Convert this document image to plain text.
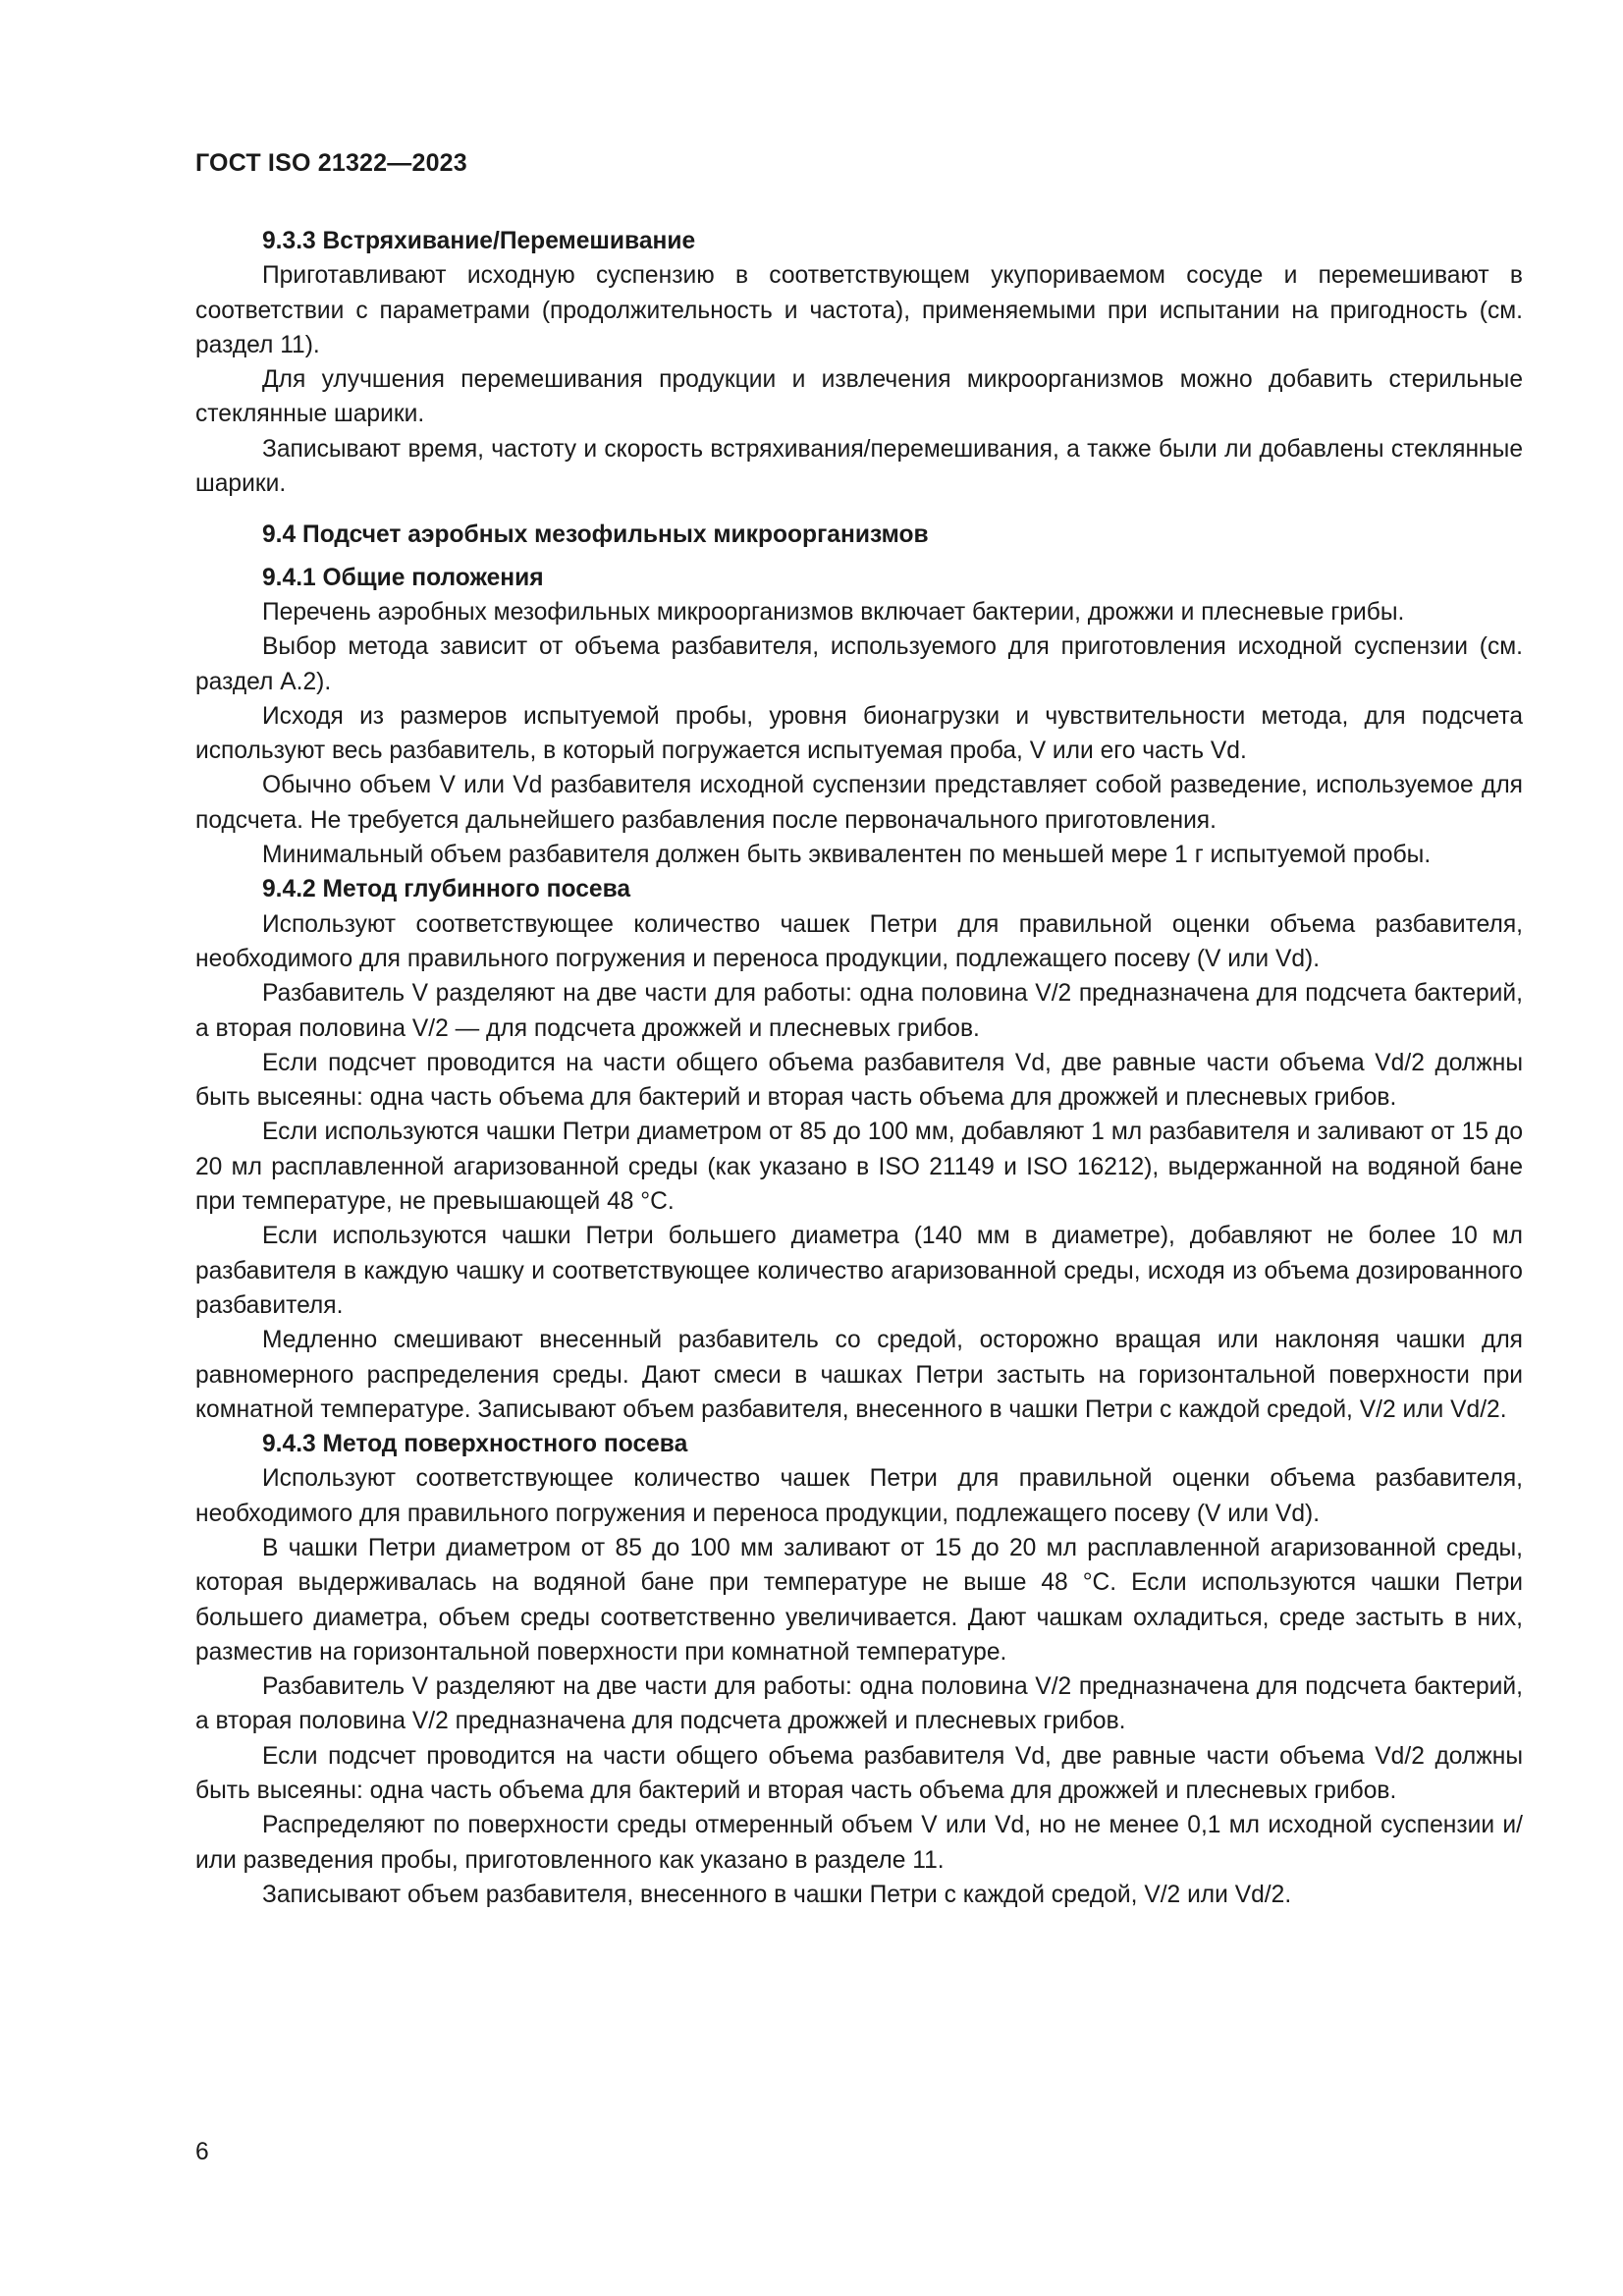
ГОСТ ISO 21322—2023
9.3.3 Встряхивание/Перемешивание

Приготавливают исходную суспензию в соответствующем укупориваемом сосуде и перемешивают в соответствии с параметрами (продолжительность и частота), применяемыми при испытании на пригодность (см. раздел 11).

Для улучшения перемешивания продукции и извлечения микроорганизмов можно добавить стерильные стеклянные шарики.

Записывают время, частоту и скорость встряхивания/перемешивания, а также были ли добавлены стеклянные шарики.

9.4 Подсчет аэробных мезофильных микроорганизмов
9.4.1 Общие положения

Перечень аэробных мезофильных микроорганизмов включает бактерии, дрожжи и плесневые грибы.

Выбор метода зависит от объема разбавителя, используемого для приготовления исходной суспензии (см. раздел А.2).

Исходя из размеров испытуемой пробы, уровня бионагрузки и чувствительности метода, для подсчета используют весь разбавитель, в который погружается испытуемая проба, V или его часть Vd.

Обычно объем V или Vd разбавителя исходной суспензии представляет собой разведение, используемое для подсчета. Не требуется дальнейшего разбавления после первоначального приготовления.

Минимальный объем разбавителя должен быть эквивалентен по меньшей мере 1 г испытуемой пробы.

9.4.2 Метод глубинного посева

Используют соответствующее количество чашек Петри для правильной оценки объема разбавителя, необходимого для правильного погружения и переноса продукции, подлежащего посеву (V или Vd).

Разбавитель V разделяют на две части для работы: одна половина V/2 предназначена для подсчета бактерий, а вторая половина V/2 — для подсчета дрожжей и плесневых грибов.

Если подсчет проводится на части общего объема разбавителя Vd, две равные части объема Vd/2 должны быть высеяны: одна часть объема для бактерий и вторая часть объема для дрожжей и плесневых грибов.

Если используются чашки Петри диаметром от 85 до 100 мм, добавляют 1 мл разбавителя и заливают от 15 до 20 мл расплавленной агаризованной среды (как указано в ISO 21149 и ISO 16212), выдержанной на водяной бане при температуре, не превышающей 48 °C.

Если используются чашки Петри большего диаметра (140 мм в диаметре), добавляют не более 10 мл разбавителя в каждую чашку и соответствующее количество агаризованной среды, исходя из объема дозированного разбавителя.

Медленно смешивают внесенный разбавитель со средой, осторожно вращая или наклоняя чашки для равномерного распределения среды. Дают смеси в чашках Петри застыть на горизонтальной поверхности при комнатной температуре. Записывают объем разбавителя, внесенного в чашки Петри с каждой средой, V/2 или Vd/2.

9.4.3 Метод поверхностного посева

Используют соответствующее количество чашек Петри для правильной оценки объема разбавителя, необходимого для правильного погружения и переноса продукции, подлежащего посеву (V или Vd).

В чашки Петри диаметром от 85 до 100 мм заливают от 15 до 20 мл расплавленной агаризованной среды, которая выдерживалась на водяной бане при температуре не выше 48 °C. Если используются чашки Петри большего диаметра, объем среды соответственно увеличивается. Дают чашкам охладиться, среде застыть в них, разместив на горизонтальной поверхности при комнатной температуре.

Разбавитель V разделяют на две части для работы: одна половина V/2 предназначена для подсчета бактерий, а вторая половина V/2 предназначена для подсчета дрожжей и плесневых грибов.

Если подсчет проводится на части общего объема разбавителя Vd, две равные части объема Vd/2 должны быть высеяны: одна часть объема для бактерий и вторая часть объема для дрожжей и плесневых грибов.

Распределяют по поверхности среды отмеренный объем V или Vd, но не менее 0,1 мл исходной суспензии и/или разведения пробы, приготовленного как указано в разделе 11.

Записывают объем разбавителя, внесенного в чашки Петри с каждой средой, V/2 или Vd/2.

6
